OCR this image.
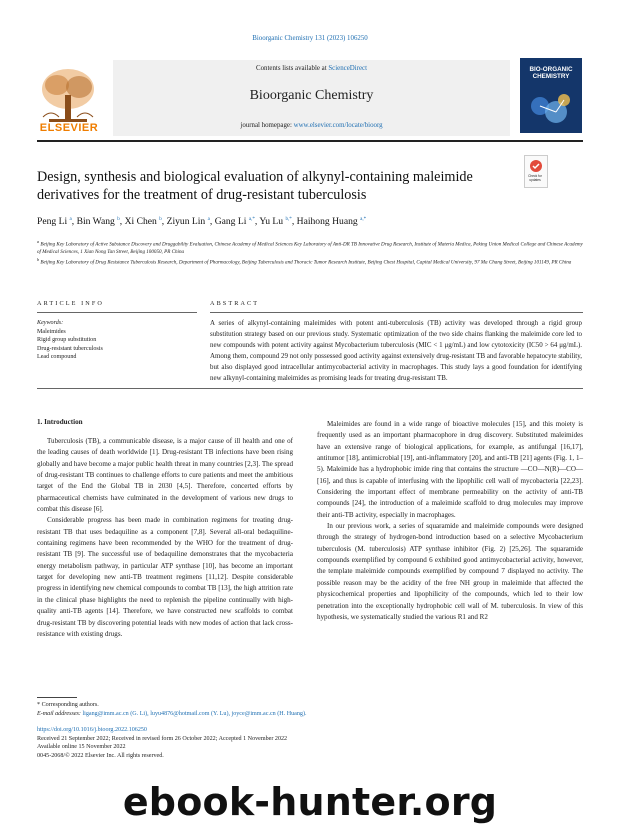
Bioorganic Chemistry 131 (2023) 106250
ELSEVIER
Contents lists available at ScienceDirect
Bioorganic Chemistry
journal homepage: www.elsevier.com/locate/bioorg
BIO-ORGANIC CHEMISTRY
Check for updates
Design, synthesis and biological evaluation of alkynyl-containing maleimide derivatives for the treatment of drug-resistant tuberculosis
Peng Li $^a$, Bin Wang $^b$, Xi Chen $^b$, Ziyun Lin $^a$, Gang Li $^{a,*}$, Yu Lu $^{b,*}$, Haihong Huang $^{a,*}$
$^a$ Beijing Key Laboratory of Active Substance Discovery and Druggability Evaluation, Chinese Academy of Medical Sciences Key Laboratory of Anti-DR TB Innovative Drug Research, Institute of Materia Medica, Peking Union Medical College and Chinese Academy of Medical Sciences, 1 Xian Nong Tan Street, Beijing 100050, PR China
$^b$ Beijing Key Laboratory of Drug Resistance Tuberculosis Research, Department of Pharmacology, Beijing Tuberculosis and Thoracic Tumor Research Institute, Beijing Chest Hospital, Capital Medical University, 97 Ma Chang Street, Beijing 101149, PR China
ARTICLE INFO	ABSTRACT
Keywords:
Maleimides
Rigid group substitution
Drug-resistant tuberculosis
Lead compound
A series of alkynyl-containing maleimides with potent anti-tuberculosis (TB) activity was developed through a rigid group substitution strategy based on our previous study. Systematic optimization of the two side chains flanking the maleimide core led to new compounds with potent activity against Mycobacterium tuberculosis (MIC < 1 μg/mL) and low cytotoxicity (IC50 > 64 μg/mL). Among them, compound 29 not only possessed good activity against extensively drug-resistant TB and favorable hepatocyte stability, but also displayed good intracellular antimycobacterial activity in macrophages. This study lays a good foundation for identifying new alkynyl-containing maleimides as promising leads for treating drug-resistant TB.
1. Introduction

Tuberculosis (TB), a communicable disease, is a major cause of ill health and one of the leading causes of death worldwide [1]. Drug-resistant TB infections have been rising globally and have become a major public health threat in many countries [2,3]. The spread of drug-resistant TB continues to challenge efforts to cure patients and meet the ambitious target of the End the Global TB in 2030 [4,5]. Therefore, concerted efforts by pharmaceutical chemists have culminated in the development of various new drugs to combat this disease [6].

Considerable progress has been made in combination regimens for treating drug-resistant TB that uses bedaquiline as a component [7,8]. Several all-oral bedaquiline-containing regimens have been recommended by the WHO for the treatment of drug-resistant TB [9]. The successful use of bedaquiline demonstrates that the mycobacteria energy metabolism pathway, in particular ATP synthase [10], has become an important target for developing new anti-TB treatment regimens [11,12]. Despite considerable progress in identifying new chemical compounds to combat TB [13], the high attrition rate in the clinical phase highlights the need to replenish the pipeline continually with high-quality anti-TB agents [14]. Therefore, we have constructed new scaffolds to combat drug-resistant TB by discovering potential leads with new modes of action that lack cross-resistance with existing drugs.

Maleimides are found in a wide range of bioactive molecules [15], and this moiety is frequently used as an important pharmacophore in drug discovery. Substituted maleimides have an extensive range of biological applications, for example, as antifungal [16,17], antitumor [18], antimicrobial [19], anti-inflammatory [20], and anti-TB [21] agents (Fig. 1, 1–5). Maleimide has a hydrophobic imide ring that contains the structure —CO—N(R)—CO— [16], and thus is capable of interfusing with the lipophilic cell wall of mycobacteria [22,23]. Considering the important effect of membrane permeability on the activity of anti-TB compounds [24], the introduction of a maleimide scaffold to drug molecules may improve their anti-TB activity, especially in macrophages.

In our previous work, a series of squaramide and maleimide compounds were designed through the strategy of hydrogen-bond introduction based on a selective Mycobacterium tuberculosis (M. tuberculosis) ATP synthase inhibitor (Fig. 2) [25,26]. The squaramide compounds exemplified by compound 6 exhibited good antimycobacterial activity, however, the template maleimide compounds exemplified by compound 7 displayed no activity. The possible reason may be the acidity of the free NH group in maleimide that affected the physicochemical properties and lipophilicity of the compounds, which led to their low penetration into the exceptionally hydrophobic cell wall of M. tuberculosis. In view of this hypothesis, we systematically studied the various R1 and R2

* Corresponding authors.
E-mail addresses: ligang@imm.ac.cn (G. Li), luyu4876@hotmail.com (Y. Lu), joyce@imm.ac.cn (H. Huang).
https://doi.org/10.1016/j.bioorg.2022.106250
Received 21 September 2022; Received in revised form 26 October 2022; Accepted 1 November 2022
Available online 15 November 2022
0045-2068/© 2022 Elsevier Inc. All rights reserved.
ebook-hunter.org
